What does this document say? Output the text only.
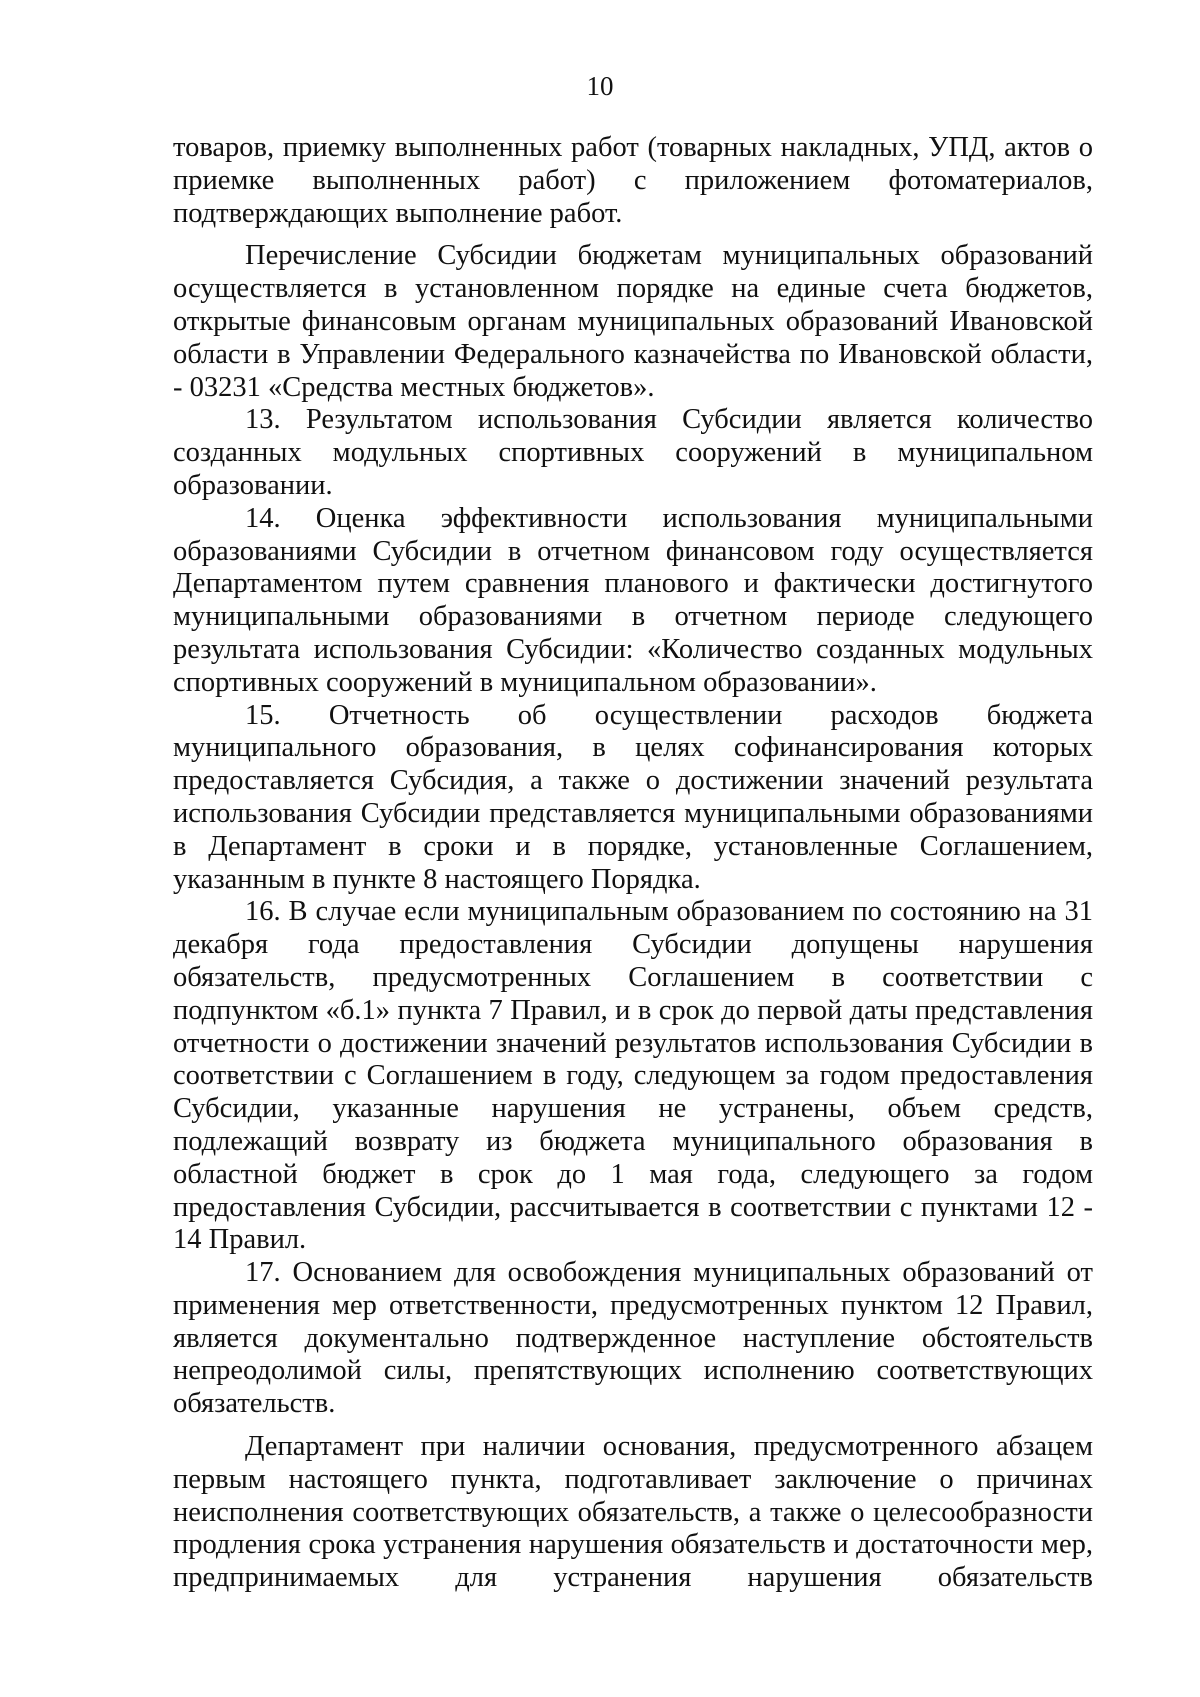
10

товаров, приемку выполненных работ (товарных накладных, УПД, актов о приемке выполненных работ) с приложением фотоматериалов, подтверждающих выполнение работ.

Перечисление Субсидии бюджетам муниципальных образований осуществляется в установленном порядке на единые счета бюджетов, открытые финансовым органам муниципальных образований Ивановской области в Управлении Федерального казначейства по Ивановской области, - 03231 «Средства местных бюджетов».

13. Результатом использования Субсидии является количество созданных модульных спортивных сооружений в муниципальном образовании.

14. Оценка эффективности использования муниципальными образованиями Субсидии в отчетном финансовом году осуществляется Департаментом путем сравнения планового и фактически достигнутого муниципальными образованиями в отчетном периоде следующего результата использования Субсидии: «Количество созданных модульных спортивных сооружений в муниципальном образовании».

15. Отчетность об осуществлении расходов бюджета муниципального образования, в целях софинансирования которых предоставляется Субсидия, а также о достижении значений результата использования Субсидии представляется муниципальными образованиями в Департамент в сроки и в порядке, установленные Соглашением, указанным в пункте 8 настоящего Порядка.

16. В случае если муниципальным образованием по состоянию на 31 декабря года предоставления Субсидии допущены нарушения обязательств, предусмотренных Соглашением в соответствии с подпунктом «б.1» пункта 7 Правил, и в срок до первой даты представления отчетности о достижении значений результатов использования Субсидии в соответствии с Соглашением в году, следующем за годом предоставления Субсидии, указанные нарушения не устранены, объем средств, подлежащий возврату из бюджета муниципального образования в областной бюджет в срок до 1 мая года, следующего за годом предоставления Субсидии, рассчитывается в соответствии с пунктами 12 - 14 Правил.

17. Основанием для освобождения муниципальных образований от применения мер ответственности, предусмотренных пунктом 12 Правил, является документально подтвержденное наступление обстоятельств непреодолимой силы, препятствующих исполнению соответствующих обязательств.

Департамент при наличии основания, предусмотренного абзацем первым настоящего пункта, подготавливает заключение о причинах неисполнения соответствующих обязательств, а также о целесообразности продления срока устранения нарушения обязательств и достаточности мер, предпринимаемых для устранения нарушения обязательств
